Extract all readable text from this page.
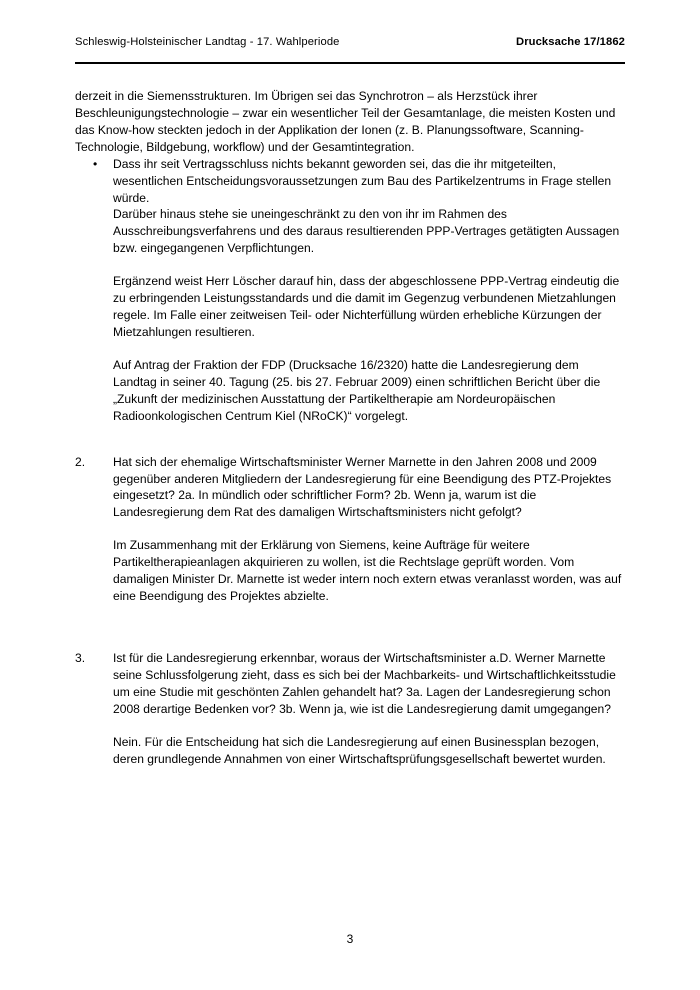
Schleswig-Holsteinischer Landtag - 17. Wahlperiode	Drucksache 17/1862

derzeit in die Siemensstrukturen. Im Übrigen sei das Synchrotron – als Herzstück ihrer Beschleunigungstechnologie – zwar ein wesentlicher Teil der Gesamtanlage, die meisten Kosten und das Know-how steckten jedoch in der Applikation der Ionen (z. B. Planungssoftware, Scanning-Technologie, Bildgebung, workflow) und der Gesamtintegration.

•	Dass ihr seit Vertragsschluss nichts bekannt geworden sei, das die ihr mitgeteilten, wesentlichen Entscheidungsvoraussetzungen zum Bau des Partikelzentrums in Frage stellen würde.

Darüber hinaus stehe sie uneingeschränkt zu den von ihr im Rahmen des Ausschreibungsverfahrens und des daraus resultierenden PPP-Vertrages getätigten Aussagen bzw. eingegangenen Verpflichtungen.

Ergänzend weist Herr Löscher darauf hin, dass der abgeschlossene PPP-Vertrag eindeutig die zu erbringenden Leistungsstandards und die damit im Gegenzug verbundenen Mietzahlungen regele. Im Falle einer zeitweisen Teil- oder Nichterfüllung würden erhebliche Kürzungen der Mietzahlungen resultieren.

Auf Antrag der Fraktion der FDP (Drucksache 16/2320) hatte die Landesregierung dem Landtag in seiner 40. Tagung (25. bis 27. Februar 2009) einen schriftlichen Bericht über die „Zukunft der medizinischen Ausstattung der Partikeltherapie am Nordeuropäischen Radioonkologischen Centrum Kiel (NRoCK)“ vorgelegt.

2.	Hat sich der ehemalige Wirtschaftsminister Werner Marnette in den Jahren 2008 und 2009 gegenüber anderen Mitgliedern der Landesregierung für eine Beendigung des PTZ-Projektes eingesetzt? 2a. In mündlich oder schriftlicher Form? 2b. Wenn ja, warum ist die Landesregierung dem Rat des damaligen Wirtschaftsministers nicht gefolgt?

Im Zusammenhang mit der Erklärung von Siemens, keine Aufträge für weitere Partikeltherapieanlagen akquirieren zu wollen, ist die Rechtslage geprüft worden. Vom damaligen Minister Dr. Marnette ist weder intern noch extern etwas veranlasst worden, was auf eine Beendigung des Projektes abzielte.

3.	Ist für die Landesregierung erkennbar, woraus der Wirtschaftsminister a.D. Werner Marnette seine Schlussfolgerung zieht, dass es sich bei der Machbarkeits- und Wirtschaftlichkeitsstudie um eine Studie mit geschönten Zahlen gehandelt hat? 3a. Lagen der Landesregierung schon 2008 derartige Bedenken vor? 3b. Wenn ja, wie ist die Landesregierung damit umgegangen?

Nein. Für die Entscheidung hat sich die Landesregierung auf einen Businessplan bezogen, deren grundlegende Annahmen von einer Wirtschaftsprüfungsgesellschaft bewertet wurden.

3
